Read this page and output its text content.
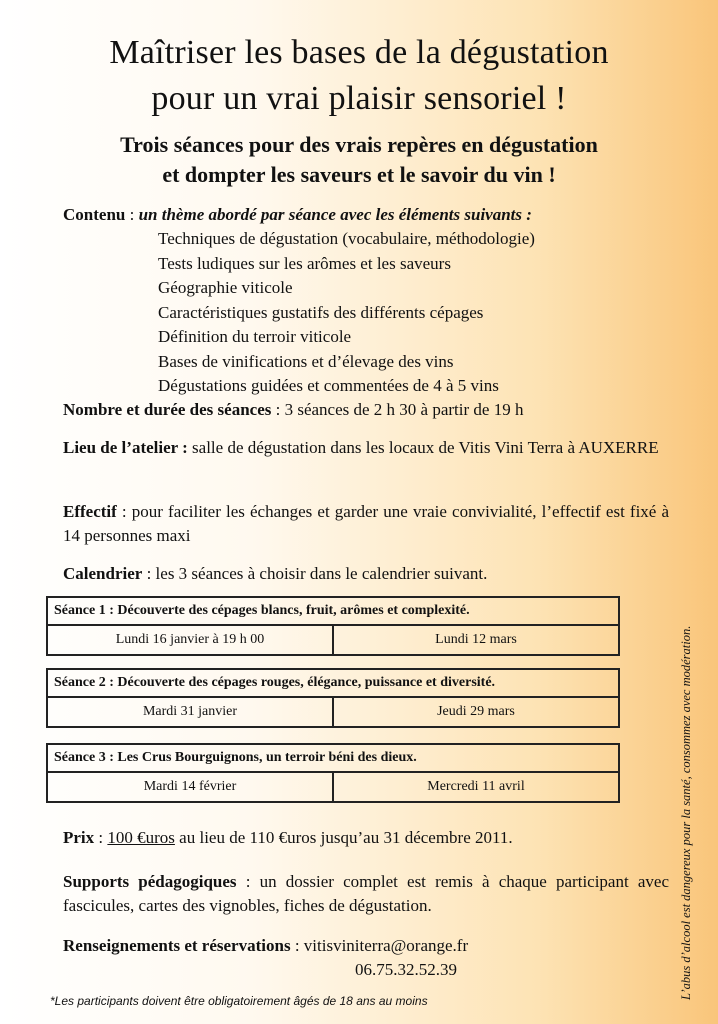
Maîtriser les bases de la dégustation
pour un vrai plaisir sensoriel !
Trois séances pour des vrais repères en dégustation
et dompter les saveurs et le savoir du vin !
Contenu : un thème abordé par séance avec les éléments suivants :
Techniques de dégustation (vocabulaire, méthodologie)
Tests ludiques sur les arômes et les saveurs
Géographie viticole
Caractéristiques gustatifs des différents cépages
Définition du terroir viticole
Bases de vinifications et d’élevage des vins
Dégustations guidées et commentées de 4 à 5 vins
Nombre et durée des séances : 3 séances de 2 h 30 à partir de 19 h
Lieu de l’atelier : salle de dégustation dans les locaux de Vitis Vini Terra à AUXERRE
Effectif : pour faciliter les échanges et garder une vraie convivialité, l’effectif est fixé à 14 personnes maxi
Calendrier : les 3 séances à choisir dans le calendrier suivant.
Séance 1 : Découverte des cépages blancs, fruit, arômes et complexité.
Lundi 16 janvier à 19 h 00	Lundi 12 mars
Séance 2 : Découverte des cépages rouges, élégance, puissance et diversité.
Mardi 31 janvier	Jeudi 29 mars
Séance 3 : Les Crus Bourguignons, un terroir béni des dieux.
Mardi 14 février	Mercredi 11 avril
Prix : 100 €uros au lieu de 110 €uros jusqu’au 31 décembre 2011.
Supports pédagogiques : un dossier complet est remis à chaque participant avec fascicules, cartes des vignobles, fiches de dégustation.
Renseignements et réservations : vitisviniterra@orange.fr
06.75.32.52.39
*Les participants doivent être obligatoirement âgés de 18 ans au moins
L’abus d’alcool est dangereux pour la santé, consommez avec modération.
